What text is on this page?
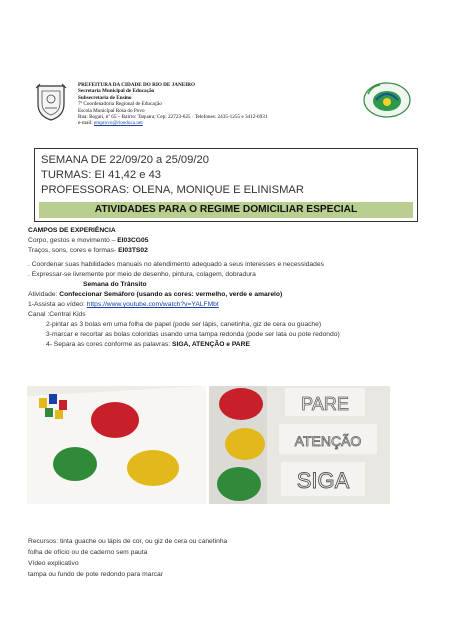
PREFEITURA DA CIDADE DO RIO DE JANEIRO
Secretaria Municipal de Educação
Subsecretaria de Ensino
7ª Coordenadoria Regional de Educação
Escola Municipal Rosa do Povo
Rua: Bogari, nº 65 – Bairro: Taquara; Cep: 22723-625 · Telefones: 2435-1255 e 3412-6931
e-mail: emprovo@rioeduca.net
SEMANA DE 22/09/20 a 25/09/20
TURMAS: EI 41,42 e 43
PROFESSORAS: OLENA, MONIQUE E ELINISMAR
ATIVIDADES PARA O REGIME DOMICILIAR ESPECIAL
CAMPOS DE EXPERIÊNCIA
Corpo, gestos e movimento – EI03CG05
Traços, sons, cores e formas- EI03TS02
. Coordenar suas habilidades manuais no atendimento adequado a seus interesses e necessidades
. Expressar-se livremente por meio de desenho, pintura, colagem, dobradura
Semana do Trânsito
Atividade: Confeccionar Semáforo (usando as cores: vermelho, verde e amarelo)
1-Assista ao vídeo: https://www.youtube.com/watch?v=YALFMbt
Canal :Central Kids
2-pintar as 3 bolas em uma folha de papel (pode ser lápis, canetinha, giz de cera ou guache)
3-marcar e recortar as bolas coloridas usando uma tampa redonda (pode ser lata ou pote redondo)
4- Separa as cores conforme as palavras: SIGA, ATENÇÃO e PARE
PARE
ATENÇÃO
SIGA
Recursos: tinta guache ou lápis de cor, ou giz de cera ou canetinha
folha de ofício ou de caderno sem pauta
Vídeo explicativo
tampa ou fundo de pote redondo para marcar
